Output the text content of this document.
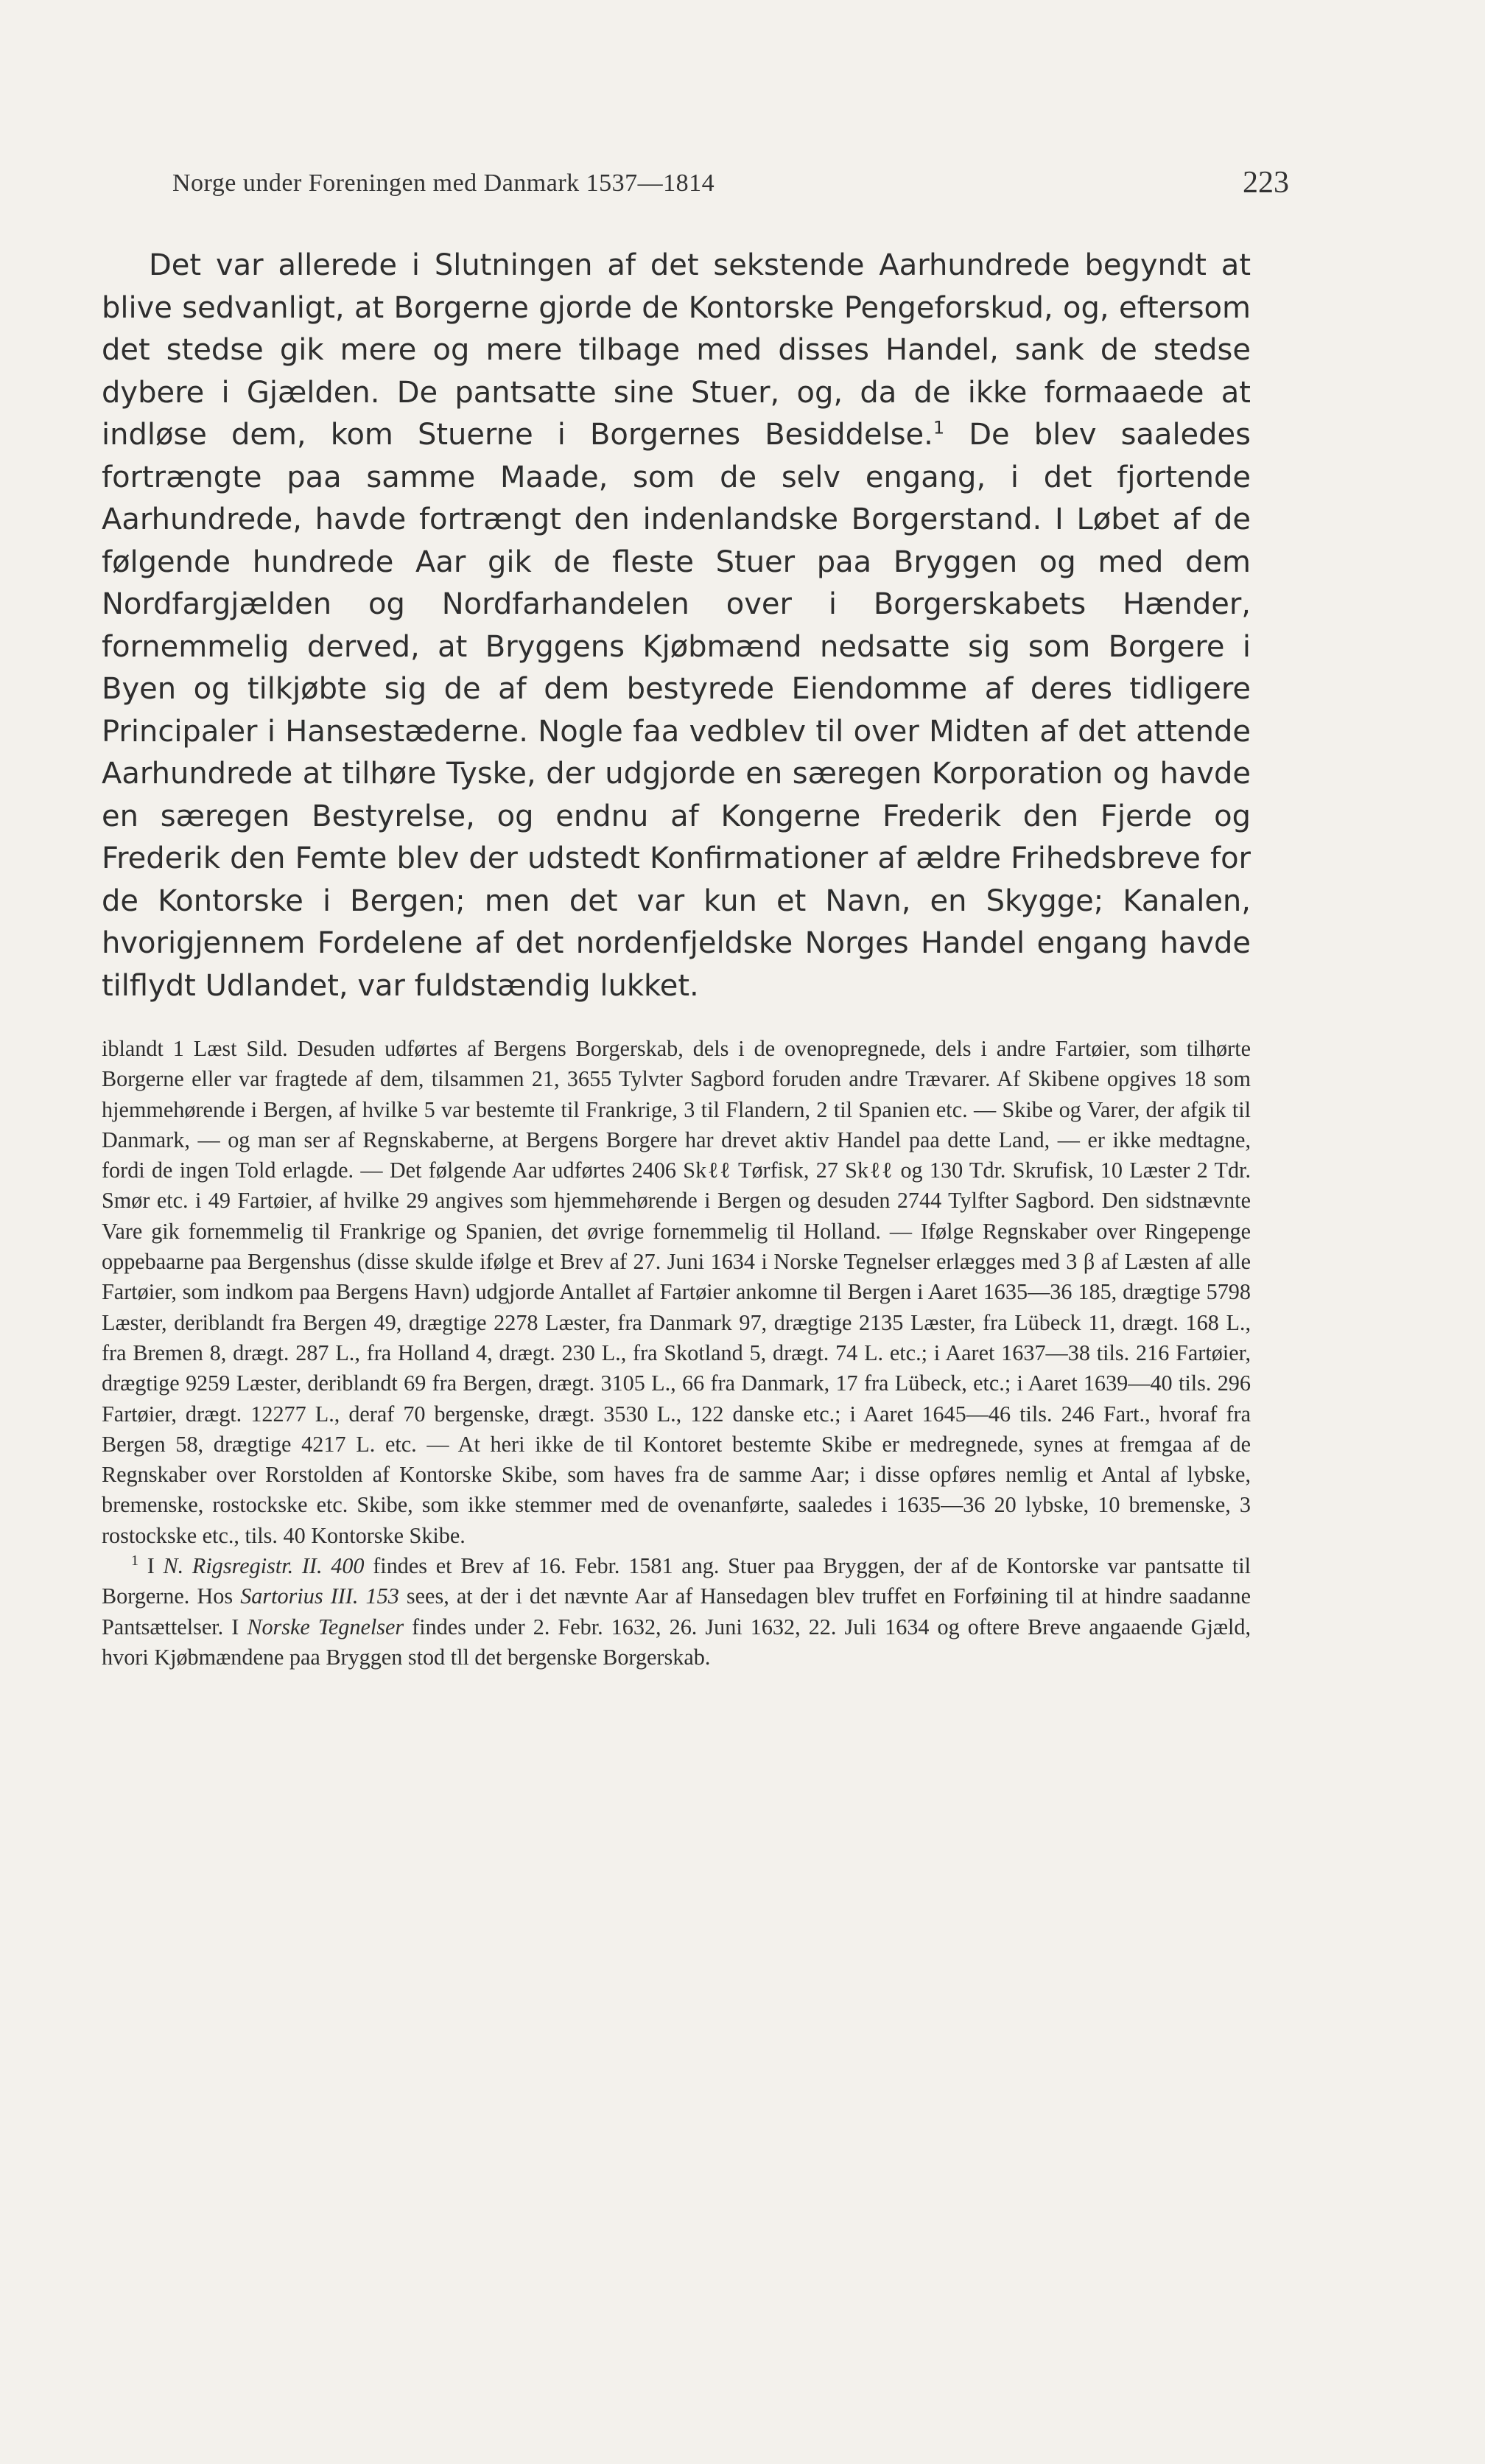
Norge under Foreningen med Danmark 1537—1814	223

Det var allerede i Slutningen af det sekstende Aarhundrede begyndt at blive sedvanligt, at Borgerne gjorde de Kontorske Pengeforskud, og, eftersom det stedse gik mere og mere tilbage med disses Handel, sank de stedse dybere i Gjælden. De pantsatte sine Stuer, og, da de ikke formaaede at indløse dem, kom Stuerne i Borgernes Besiddelse.$^1$ De blev saaledes fortrængte paa samme Maade, som de selv engang, i det fjortende Aarhundrede, havde fortrængt den indenlandske Borgerstand. I Løbet af de følgende hundrede Aar gik de fleste Stuer paa Bryggen og med dem Nordfargjælden og Nordfarhandelen over i Borgerskabets Hænder, fornemmelig derved, at Bryggens Kjøbmænd nedsatte sig som Borgere i Byen og tilkjøbte sig de af dem bestyrede Eiendomme af deres tidligere Principaler i Hansestæderne. Nogle faa vedblev til over Midten af det attende Aarhundrede at tilhøre Tyske, der udgjorde en særegen Korporation og havde en særegen Bestyrelse, og endnu af Kongerne Frederik den Fjerde og Frederik den Femte blev der udstedt Konfirmationer af ældre Frihedsbreve for de Kontorske i Bergen; men det var kun et Navn, en Skygge; Kanalen, hvorigjennem Fordelene af det nordenfjeldske Norges Handel engang havde tilflydt Udlandet, var fuldstændig lukket.

iblandt 1 Læst Sild. Desuden udførtes af Bergens Borgerskab, dels i de ovenopregnede, dels i andre Fartøier, som tilhørte Borgerne eller var fragtede af dem, tilsammen 21, 3655 Tylvter Sagbord foruden andre Trævarer. Af Skibene opgives 18 som hjemmehørende i Bergen, af hvilke 5 var bestemte til Frankrige, 3 til Flandern, 2 til Spanien etc. — Skibe og Varer, der afgik til Danmark, — og man ser af Regnskaberne, at Bergens Borgere har drevet aktiv Handel paa dette Land, — er ikke medtagne, fordi de ingen Told erlagde. — Det følgende Aar udførtes 2406 Skℓℓ Tørfisk, 27 Skℓℓ og 130 Tdr. Skrufisk, 10 Læster 2 Tdr. Smør etc. i 49 Fartøier, af hvilke 29 angives som hjemmehørende i Bergen og desuden 2744 Tylfter Sagbord. Den sidstnævnte Vare gik fornemmelig til Frankrige og Spanien, det øvrige fornemmelig til Holland. — Ifølge Regnskaber over Ringepenge oppebaarne paa Bergenshus (disse skulde ifølge et Brev af 27. Juni 1634 i Norske Tegnelser erlægges med 3 β af Læsten af alle Fartøier, som indkom paa Bergens Havn) udgjorde Antallet af Fartøier ankomne til Bergen i Aaret 1635—36 185, drægtige 5798 Læster, deriblandt fra Bergen 49, drægtige 2278 Læster, fra Danmark 97, drægtige 2135 Læster, fra Lübeck 11, drægt. 168 L., fra Bremen 8, drægt. 287 L., fra Holland 4, drægt. 230 L., fra Skotland 5, drægt. 74 L. etc.; i Aaret 1637—38 tils. 216 Fartøier, drægtige 9259 Læster, deriblandt 69 fra Bergen, drægt. 3105 L., 66 fra Danmark, 17 fra Lübeck, etc.; i Aaret 1639—40 tils. 296 Fartøier, drægt. 12277 L., deraf 70 bergenske, drægt. 3530 L., 122 danske etc.; i Aaret 1645—46 tils. 246 Fart., hvoraf fra Bergen 58, drægtige 4217 L. etc. — At heri ikke de til Kontoret bestemte Skibe er medregnede, synes at fremgaa af de Regnskaber over Rorstolden af Kontorske Skibe, som haves fra de samme Aar; i disse opføres nemlig et Antal af lybske, bremenske, rostockske etc. Skibe, som ikke stemmer med de ovenanførte, saaledes i 1635—36 20 lybske, 10 bremenske, 3 rostockske etc., tils. 40 Kontorske Skibe.

$^1$ I N. Rigsregistr. II. 400 findes et Brev af 16. Febr. 1581 ang. Stuer paa Bryggen, der af de Kontorske var pantsatte til Borgerne. Hos Sartorius III. 153 sees, at der i det nævnte Aar af Hansedagen blev truffet en Forføining til at hindre saadanne Pantsættelser. I Norske Tegnelser findes under 2. Febr. 1632, 26. Juni 1632, 22. Juli 1634 og oftere Breve angaaende Gjæld, hvori Kjøbmændene paa Bryggen stod tll det bergenske Borgerskab.
